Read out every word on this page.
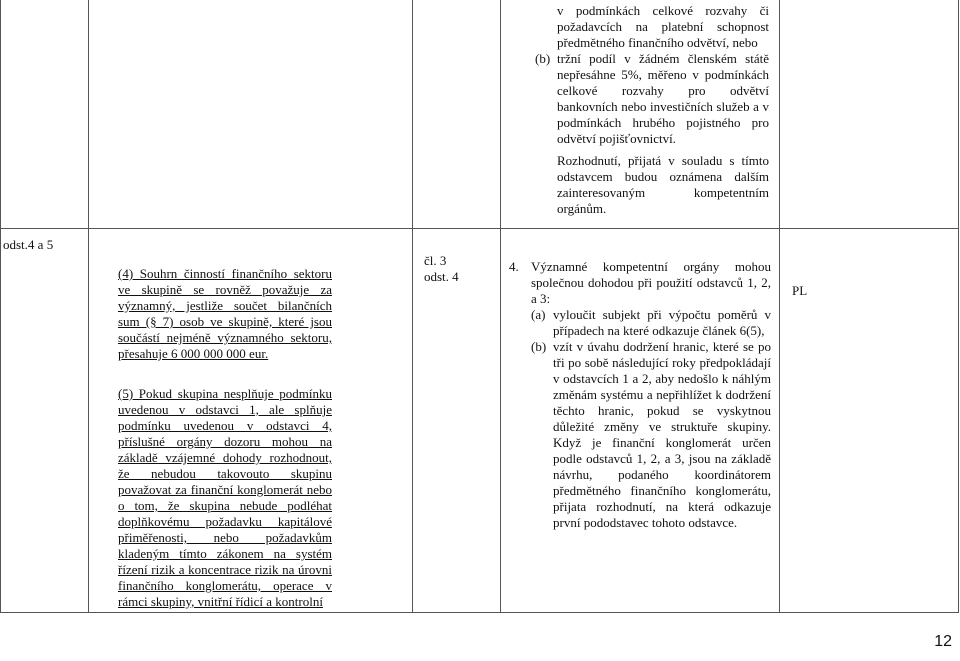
v podmínkách celkové rozvahy či požadavcích na platební schopnost předmětného finančního odvětví, nebo
(b) tržní podíl v žádném členském státě nepřesáhne 5%, měřeno v podmínkách celkové rozvahy pro odvětví bankovních nebo investičních služeb a v podmínkách hrubého pojistného pro odvětví pojišťovnictví.
Rozhodnutí, přijatá v souladu s tímto odstavcem budou oznámena dalším zainteresovaným kompetentním orgánům.
odst.4 a 5
(4) Souhrn činností finančního sektoru ve skupině se rovněž považuje za významný, jestliže součet bilančních sum (§ 7) osob ve skupině, které jsou součástí nejméně významného sektoru, přesahuje 6 000 000 000 eur.
(5) Pokud skupina nesplňuje podmínku uvedenou v odstavci 1, ale splňuje podmínku uvedenou v odstavci 4, příslušné orgány dozoru mohou na základě vzájemné dohody rozhodnout, že nebudou takovouto skupinu považovat za finanční konglomerát nebo o tom, že skupina nebude podléhat doplňkovému požadavku kapitálové přiměřenosti, nebo požadavkům kladeným tímto zákonem na systém řízení rizik a koncentrace rizik na úrovni finančního konglomerátu, operace v rámci skupiny, vnitřní řídicí a kontrolní

čl. 3
odst. 4

4. Významné kompetentní orgány mohou společnou dohodou při použití odstavců 1, 2, a 3:
(a) vyloučit subjekt při výpočtu poměrů v případech na které odkazuje článek 6(5),
(b) vzít v úvahu dodržení hranic, které se po tři po sobě následující roky předpokládají v odstavcích 1 a 2, aby nedošlo k náhlým změnám systému a nepřihlížet k dodržení těchto hranic, pokud se vyskytnou důležité změny ve struktuře skupiny. Když je finanční konglomerát určen podle odstavců 1, 2, a 3, jsou na základě návrhu, podaného koordinátorem předmětného finančního konglomerátu, přijata rozhodnutí, na která odkazuje první pododstavec tohoto odstavce.
PL
12
